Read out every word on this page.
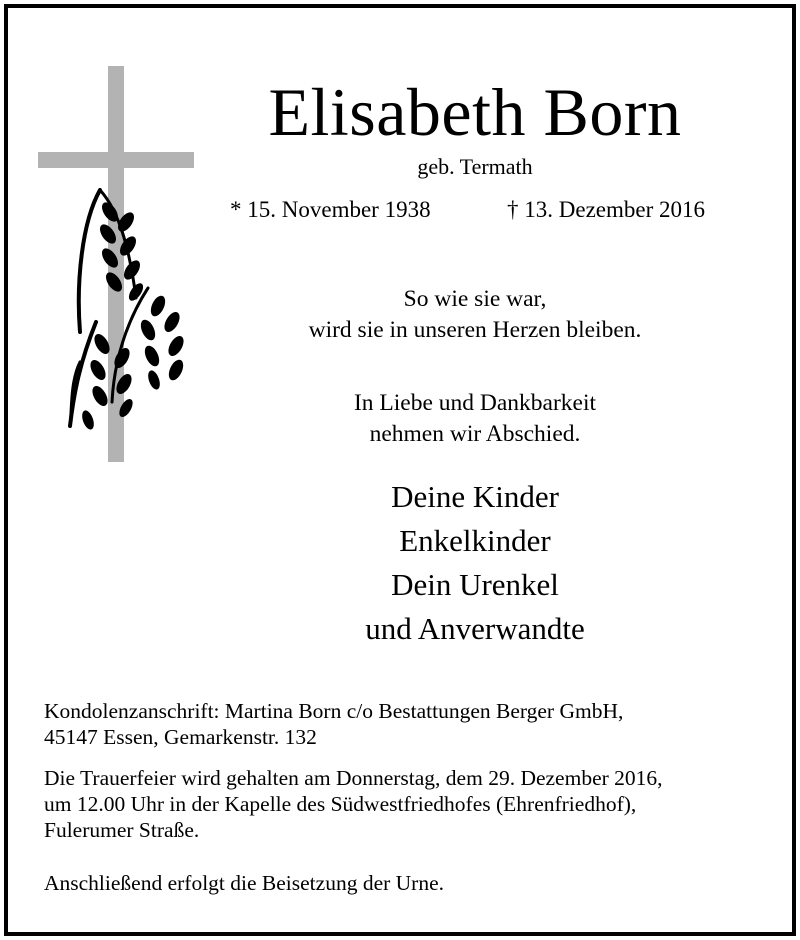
Elisabeth Born
geb. Termath
* 15. November 1938	† 13. Dezember 2016
So wie sie war,
wird sie in unseren Herzen bleiben.
In Liebe und Dankbarkeit
nehmen wir Abschied.
Deine Kinder
Enkelkinder
Dein Urenkel
und Anverwandte
Kondolenzanschrift: Martina Born c/o Bestattungen Berger GmbH,
45147 Essen, Gemarkenstr. 132
Die Trauerfeier wird gehalten am Donnerstag, dem 29. Dezember 2016,
um 12.00 Uhr in der Kapelle des Südwestfriedhofes (Ehrenfriedhof),
Fulerumer Straße.
Anschließend erfolgt die Beisetzung der Urne.
